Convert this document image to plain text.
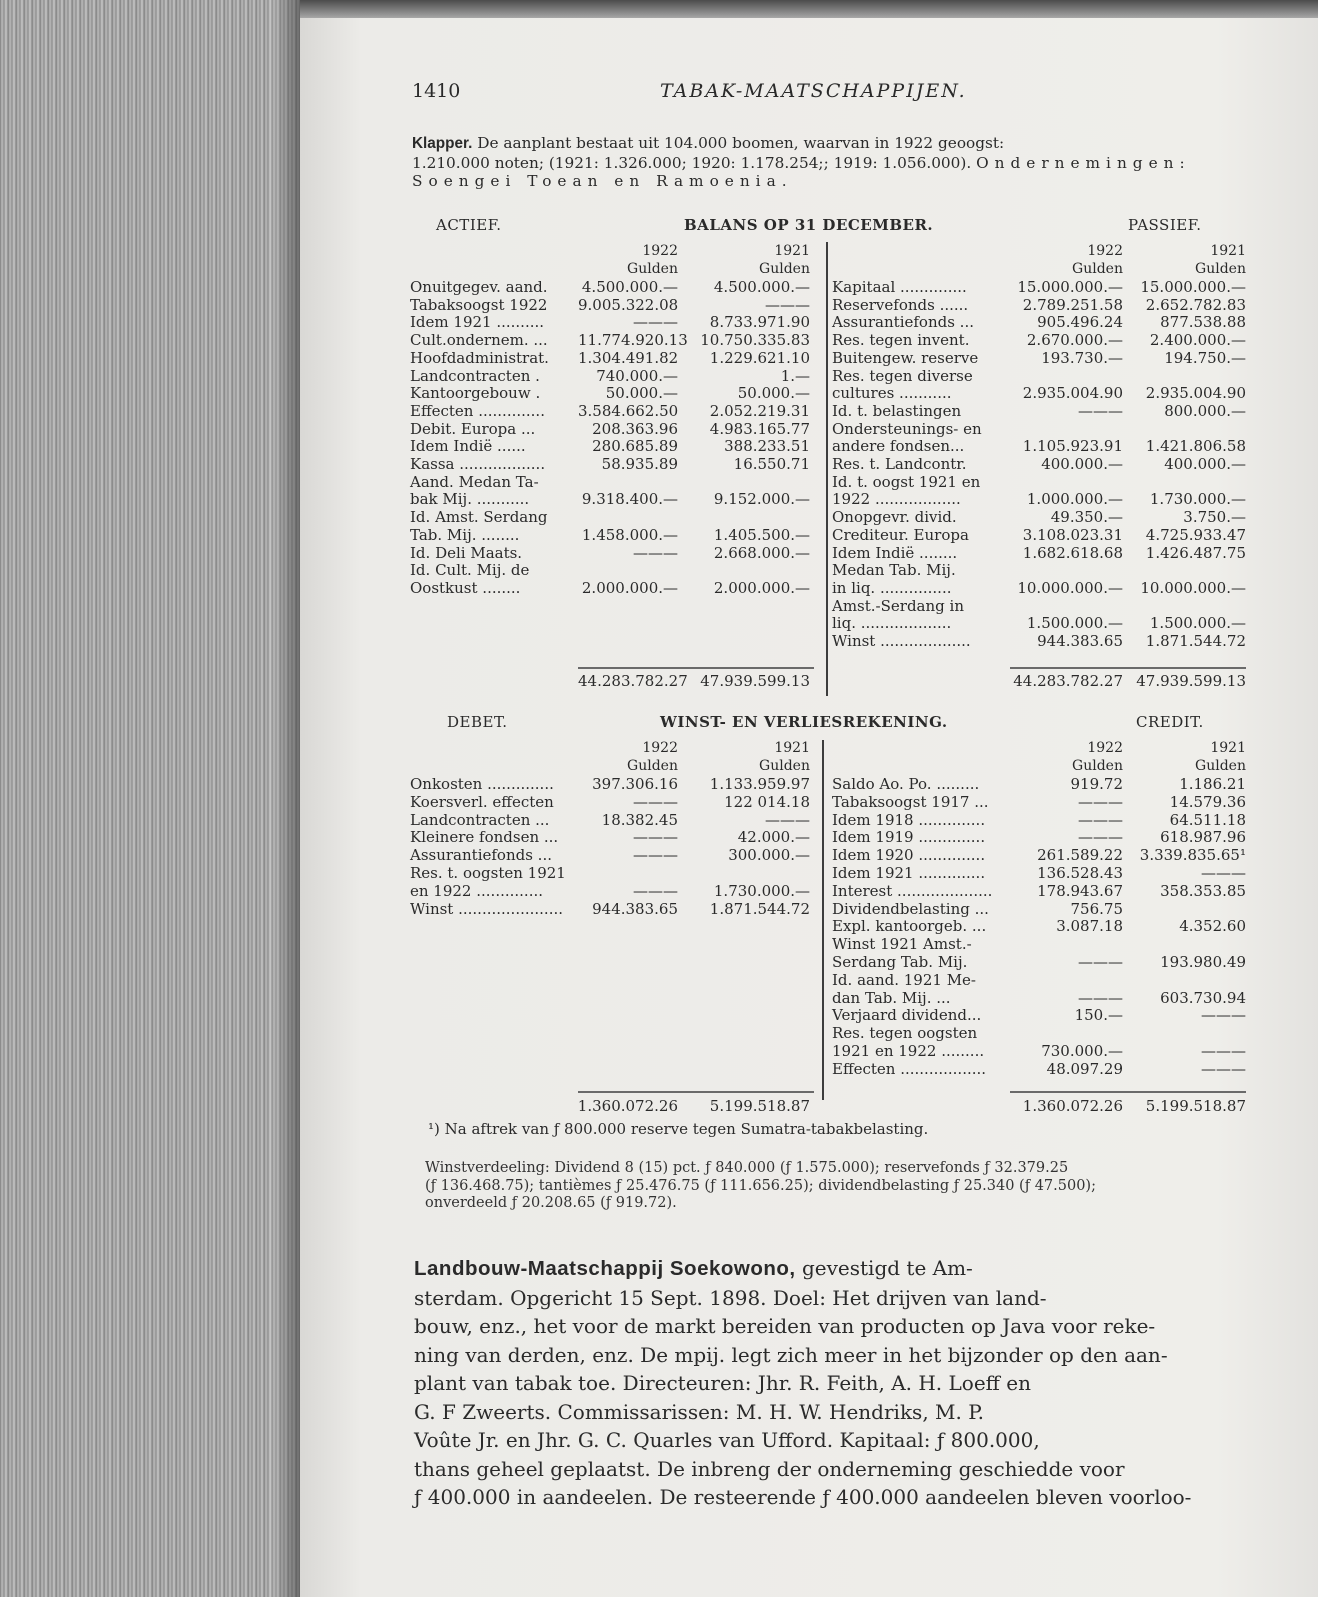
1410	TABAK-MAATSCHAPPIJEN.

Klapper. De aanplant bestaat uit 104.000 boomen, waarvan in 1922 geoogst:

1.210.000 noten; (1921: 1.326.000; 1920: 1.178.254;; 1919: 1.056.000). Ondernemingen:

Soengei Toean en Ramoenia.

ACTIEF.	BALANS OP 31 DECEMBER.	PASSIEF.
1922	1921	1922	1921
Gulden	Gulden	Gulden	Gulden
Onuitgegev. aand.	4.500.000.—	4.500.000.—
Tabaksoogst 1922	9.005.322.08	———
Idem 1921 ..........	———	8.733.971.90
Cult.ondernem. ...	11.774.920.13 10.750.335.83
Hoofdadministrat.	1.304.491.82	1.229.621.10
Landcontracten .	740.000.—	1.—
Kantoorgebouw .	50.000.—	50.000.—
Effecten ..............	3.584.662.50	2.052.219.31
Debit. Europa ...	208.363.96	4.983.165.77
Idem Indië ......	280.685.89	388.233.51
Kassa ..................	58.935.89	16.550.71
Aand. Medan Ta-
bak Mij. ...........	9.318.400.—	9.152.000.—
Id. Amst. Serdang
Tab. Mij. ........	1.458.000.—	1.405.500.—
Id. Deli Maats.	———	2.668.000.—
Id. Cult. Mij. de
Oostkust ........	2.000.000.—	2.000.000.—
Kapitaal ..............	15.000.000.—	15.000.000.—
Reservefonds ......	2.789.251.58	2.652.782.83
Assurantiefonds ...	905.496.24	877.538.88
Res. tegen invent.	2.670.000.—	2.400.000.—
Buitengew. reserve	193.730.—	194.750.—
Res. tegen diverse
cultures ...........	2.935.004.90	2.935.004.90
Id. t. belastingen	———	800.000.—
Ondersteunings- en
andere fondsen...	1.105.923.91	1.421.806.58
Res. t. Landcontr.	400.000.—	400.000.—
Id. t. oogst 1921 en
1922 ..................	1.000.000.—	1.730.000.—
Onopgevr. divid.	49.350.—	3.750.—
Crediteur. Europa	3.108.023.31	4.725.933.47
Idem Indië ........	1.682.618.68	1.426.487.75
Medan Tab. Mij.
in liq. ...............	10.000.000.—	10.000.000.—
Amst.-Serdang in
liq. ...................	1.500.000.—	1.500.000.—
Winst ...................	944.383.65	1.871.544.72
44.283.782.27 47.939.599.13	44.283.782.27 47.939.599.13
DEBET.	WINST- EN VERLIESREKENING.	CREDIT.
1922	1921	1922	1921
Gulden	Gulden	Gulden	Gulden
Onkosten ..............	397.306.16	1.133.959.97
Koersverl. effecten	———	122 014.18
Landcontracten ...	18.382.45	———
Kleinere fondsen ...	———	42.000.—
Assurantiefonds ...	———	300.000.—
Res. t. oogsten 1921
en 1922 ..............	———	1.730.000.—
Winst ......................	944.383.65	1.871.544.72
Saldo Ao. Po. .........	919.72	1.186.21
Tabaksoogst 1917 ...	———	14.579.36
Idem 1918 ..............	———	64.511.18
Idem 1919 ..............	———	618.987.96
Idem 1920 ..............	261.589.22	3.339.835.65¹
Idem 1921 ..............	136.528.43	———
Interest ....................	178.943.67	358.353.85
Dividendbelasting ...	756.75
Expl. kantoorgeb. ...	3.087.18	4.352.60
Winst 1921 Amst.-
Serdang Tab. Mij.	———	193.980.49
Id. aand. 1921 Me-
dan Tab. Mij. ...	———	603.730.94
Verjaard dividend...	150.—	———
Res. tegen oogsten
1921 en 1922 .........	730.000.—	———
Effecten ..................	48.097.29	———
1.360.072.26	5.199.518.87	1.360.072.26	5.199.518.87
¹) Na aftrek van ƒ 800.000 reserve tegen Sumatra-tabakbelasting.

Winstverdeeling: Dividend 8 (15) pct. ƒ 840.000 (ƒ 1.575.000); reservefonds ƒ 32.379.25

(ƒ 136.468.75); tantièmes ƒ 25.476.75 (ƒ 111.656.25); dividendbelasting ƒ 25.340 (ƒ 47.500);

onverdeeld ƒ 20.208.65 (ƒ 919.72).

Landbouw-Maatschappij Soekowono, gevestigd te Am-

sterdam. Opgericht 15 Sept. 1898. Doel: Het drijven van land-

bouw, enz., het voor de markt bereiden van producten op Java voor reke-

ning van derden, enz. De mpij. legt zich meer in het bijzonder op den aan-

plant van tabak toe. Directeuren: Jhr. R. Feith, A. H. Loeff en

G. F Zweerts. Commissarissen: M. H. W. Hendriks, M. P.

Voûte Jr. en Jhr. G. C. Quarles van Ufford. Kapitaal: ƒ 800.000,

thans geheel geplaatst. De inbreng der onderneming geschiedde voor

ƒ 400.000 in aandeelen. De resteerende ƒ 400.000 aandeelen bleven voorloo-
